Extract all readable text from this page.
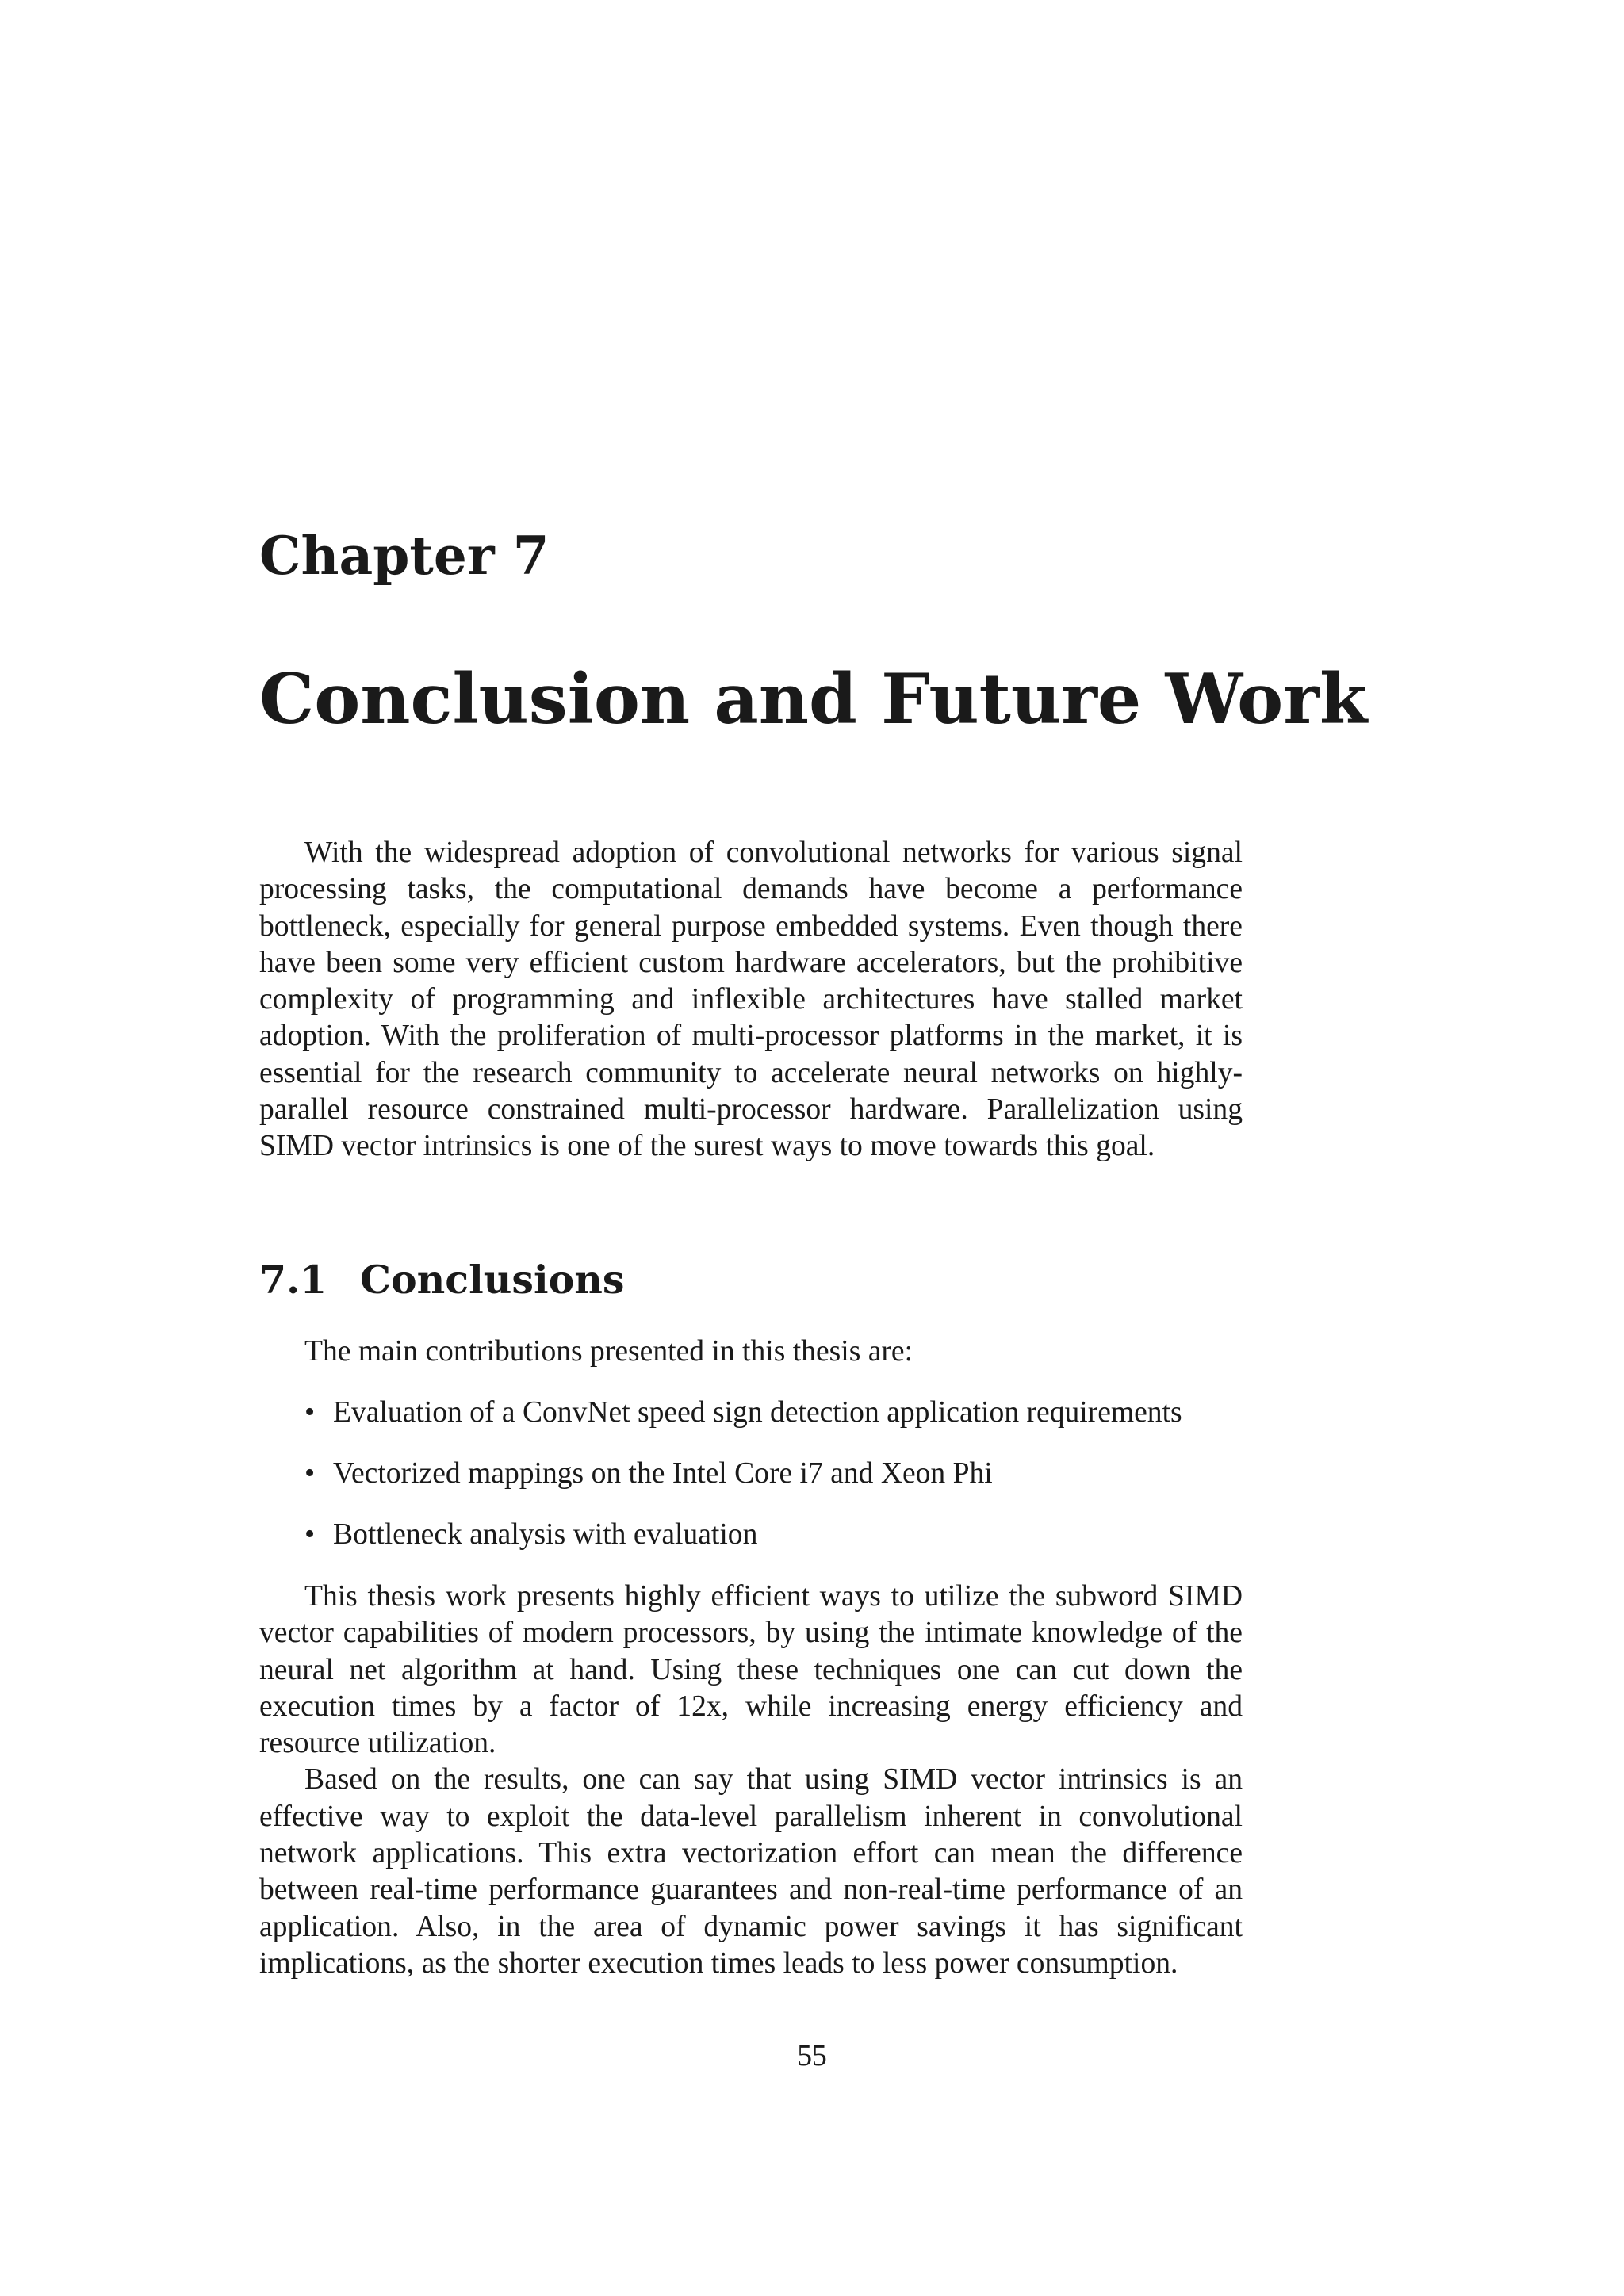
Chapter 7
Conclusion and Future Work

With the widespread adoption of convolutional networks for various signal processing tasks, the computational demands have become a performance bottleneck, especially for general purpose embedded systems. Even though there have been some very efficient custom hardware accelerators, but the prohibitive complexity of programming and inflexible architectures have stalled market adoption. With the proliferation of multi-processor platforms in the market, it is essential for the research community to accelerate neural networks on highly-parallel resource constrained multi-processor hardware. Parallelization using SIMD vector intrinsics is one of the surest ways to move towards this goal.

7.1 Conclusions

The main contributions presented in this thesis are:

• Evaluation of a ConvNet speed sign detection application requirements
• Vectorized mappings on the Intel Core i7 and Xeon Phi
• Bottleneck analysis with evaluation

This thesis work presents highly efficient ways to utilize the subword SIMD vector capabilities of modern processors, by using the intimate knowledge of the neural net algorithm at hand. Using these techniques one can cut down the execution times by a factor of 12x, while increasing energy efficiency and resource utilization.

Based on the results, one can say that using SIMD vector intrinsics is an effective way to exploit the data-level parallelism inherent in convolutional network applications. This extra vectorization effort can mean the difference between real-time performance guarantees and non-real-time performance of an application. Also, in the area of dynamic power savings it has significant implications, as the shorter execution times leads to less power consumption.

55
